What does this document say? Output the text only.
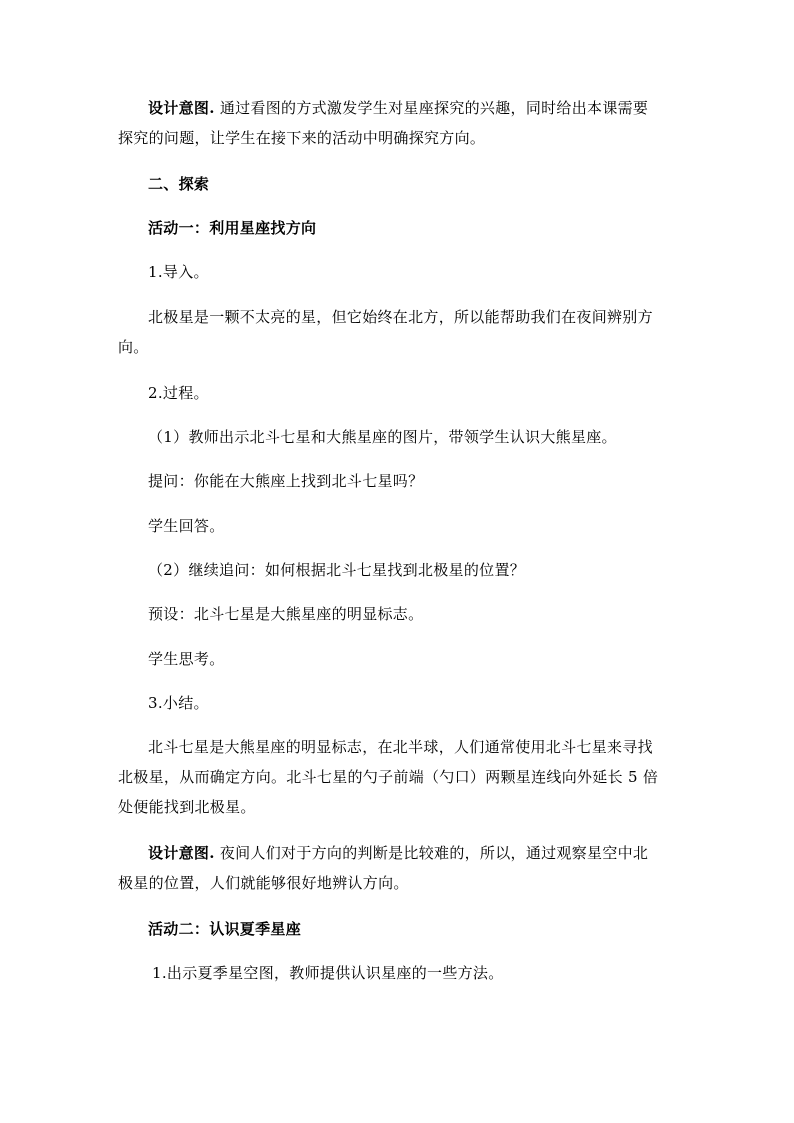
设计意图. 通过看图的方式激发学生对星座探究的兴趣，同时给出本课需要
探究的问题，让学生在接下来的活动中明确探究方向。
二、探索
活动一：利用星座找方向
1.导入。
北极星是一颗不太亮的星，但它始终在北方，所以能帮助我们在夜间辨别方
向。
2.过程。
（1）教师出示北斗七星和大熊星座的图片，带领学生认识大熊星座。
提问：你能在大熊座上找到北斗七星吗？
学生回答。
（2）继续追问：如何根据北斗七星找到北极星的位置？
预设：北斗七星是大熊星座的明显标志。
学生思考。
3.小结。
北斗七星是大熊星座的明显标志，在北半球，人们通常使用北斗七星来寻找
北极星，从而确定方向。北斗七星的勺子前端（勺口）两颗星连线向外延长 5 倍
处便能找到北极星。
设计意图. 夜间人们对于方向的判断是比较难的，所以，通过观察星空中北
极星的位置，人们就能够很好地辨认方向。
活动二：认识夏季星座
1.出示夏季星空图，教师提供认识星座的一些方法。
